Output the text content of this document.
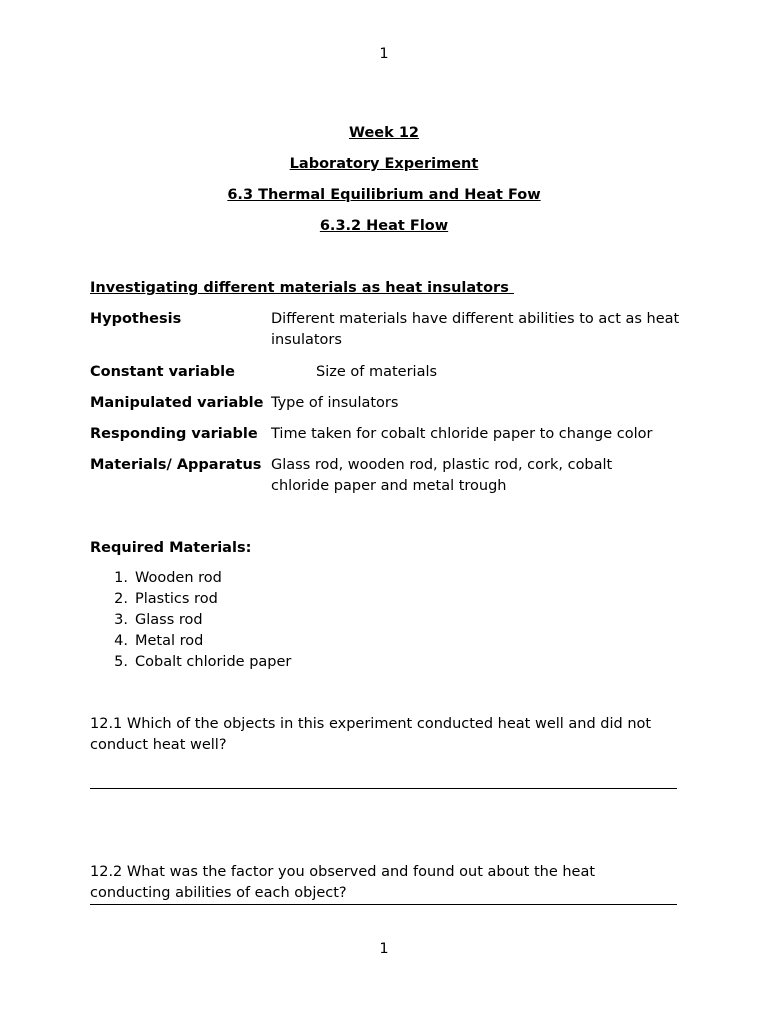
1
Week 12
Laboratory Experiment
6.3 Thermal Equilibrium and Heat Fow
6.3.2 Heat Flow
Investigating different materials as heat insulators
Hypothesis	Different materials have different abilities to act as heat insulators
Constant variable	Size of materials
Manipulated variable Type of insulators
Responding variable Time taken for cobalt chloride paper to change color
Materials/ Apparatus Glass rod, wooden rod, plastic rod, cork, cobalt chloride paper and metal trough
Required Materials:
1. Wooden rod
2. Plastics rod
3. Glass rod
4. Metal rod
5. Cobalt chloride paper
12.1 Which of the objects in this experiment conducted heat well and did not conduct heat well?
12.2 What was the factor you observed and found out about the heat conducting abilities of each object?
1
